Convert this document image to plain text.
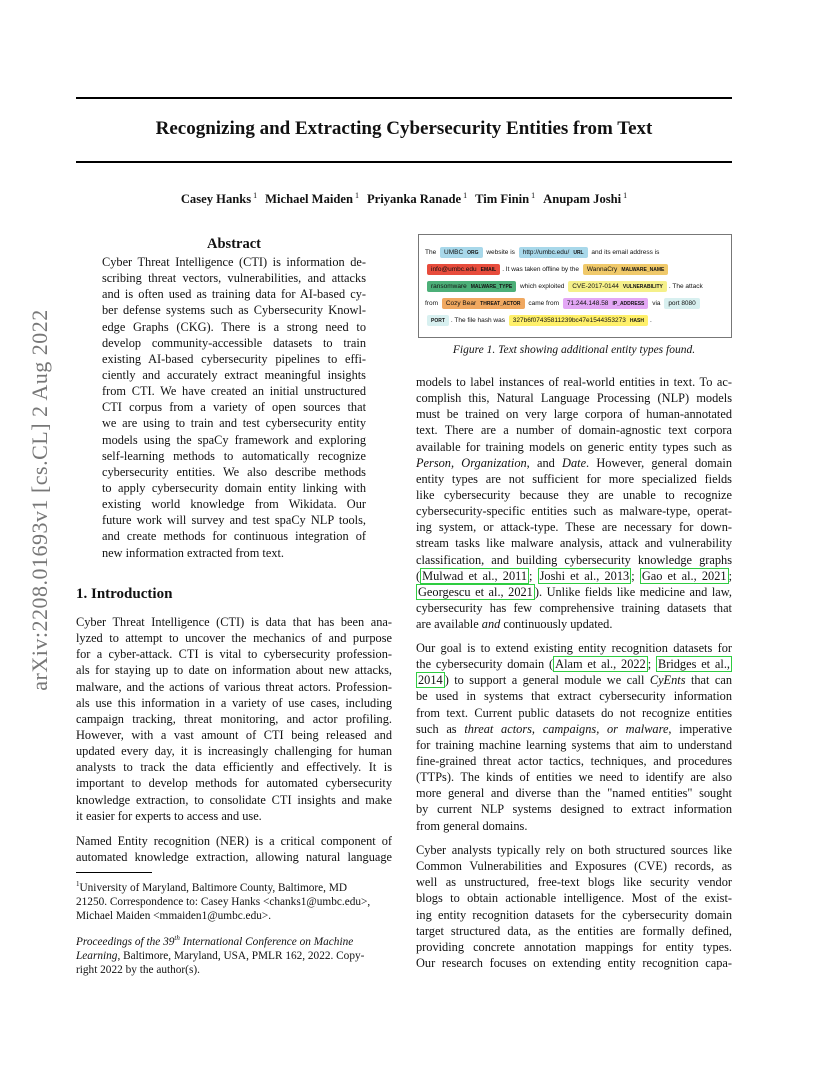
arXiv:2208.01693v1 [cs.CL] 2 Aug 2022
Recognizing and Extracting Cybersecurity Entities from Text
Casey Hanks $^1$ Michael Maiden $^1$ Priyanka Ranade $^1$ Tim Finin $^1$ Anupam Joshi $^1$
Abstract
Cyber Threat Intelligence (CTI) is information de-
scribing threat vectors, vulnerabilities, and attacks
and is often used as training data for AI-based cy-
ber defense systems such as Cybersecurity Knowl-
edge Graphs (CKG). There is a strong need to
develop community-accessible datasets to train
existing AI-based cybersecurity pipelines to effi-
ciently and accurately extract meaningful insights
from CTI. We have created an initial unstructured
CTI corpus from a variety of open sources that
we are using to train and test cybersecurity entity
models using the spaCy framework and exploring
self-learning methods to automatically recognize
cybersecurity entities. We also describe methods
to apply cybersecurity domain entity linking with
existing world knowledge from Wikidata. Our
future work will survey and test spaCy NLP tools,
and create methods for continuous integration of
new information extracted from text.
1. Introduction
Cyber Threat Intelligence (CTI) is data that has been ana-
lyzed to attempt to uncover the mechanics of and purpose
for a cyber-attack. CTI is vital to cybersecurity profession-
als for staying up to date on information about new attacks,
malware, and the actions of various threat actors. Profession-
als use this information in a variety of use cases, including
campaign tracking, threat monitoring, and actor profiling.
However, with a vast amount of CTI being released and
updated every day, it is increasingly challenging for human
analysts to track the data efficiently and effectively. It is
important to develop methods for automated cybersecurity
knowledge extraction, to consolidate CTI insights and make
it easier for experts to access and use.
Named Entity recognition (NER) is a critical component of
automated knowledge extraction, allowing natural language
$^1$University of Maryland, Baltimore County, Baltimore, MD
21250. Correspondence to: Casey Hanks <chanks1@umbc.edu>,
Michael Maiden <mmaiden1@umbc.edu>.
Proceedings of the 39th International Conference on Machine
Learning, Baltimore, Maryland, USA, PMLR 162, 2022. Copy-
right 2022 by the author(s).
The UMBC ORG website is http://umbc.edu/ URL and its email address is
info@umbc.edu EMAIL . It was taken offline by the WannaCry MALWARE_NAME
ransomware MALWARE_TYPE which exploited CVE-2017-0144 VULNERABILITY . The attack
from Cozy Bear THREAT_ACTOR came from 71.244.148.58 IP_ADDRESS via port 8080
PORT . The file hash was 327b6f07435811239bc47e1544353273 HASH .
Figure 1. Text showing additional entity types found.
models to label instances of real-world entities in text. To ac-
complish this, Natural Language Processing (NLP) models
must be trained on very large corpora of human-annotated
text. There are a number of domain-agnostic text corpora
available for training models on generic entity types such as
Person, Organization, and Date. However, general domain
entity types are not sufficient for more specialized fields
like cybersecurity because they are unable to recognize
cybersecurity-specific entities such as malware-type, operat-
ing system, or attack-type. These are necessary for down-
stream tasks like malware analysis, attack and vulnerability
classification, and building cybersecurity knowledge graphs
( Mulwad et al., 2011 ; Joshi et al., 2013 ; Gao et al., 2021 ;
Georgescu et al., 2021 ). Unlike fields like medicine and law,
cybersecurity has few comprehensive training datasets that
are available and continuously updated.
Our goal is to extend existing entity recognition datasets for
the cybersecurity domain ( Alam et al., 2022 ; Bridges et al.,
2014 ) to support a general module we call CyEnts that can
be used in systems that extract cybersecurity information
from text. Current public datasets do not recognize entities
such as threat actors, campaigns, or malware, imperative
for training machine learning systems that aim to understand
fine-grained threat actor tactics, techniques, and procedures
(TTPs). The kinds of entities we need to identify are also
more general and diverse than the "named entities" sought
by current NLP systems designed to extract information
from general domains.
Cyber analysts typically rely on both structured sources like
Common Vulnerabilities and Exposures (CVE) records, as
well as unstructured, free-text blogs like security vendor
blogs to obtain actionable intelligence. Most of the exist-
ing entity recognition datasets for the cybersecurity domain
target structured data, as the entities are formally defined,
providing concrete annotation mappings for entity types.
Our research focuses on extending entity recognition capa-
